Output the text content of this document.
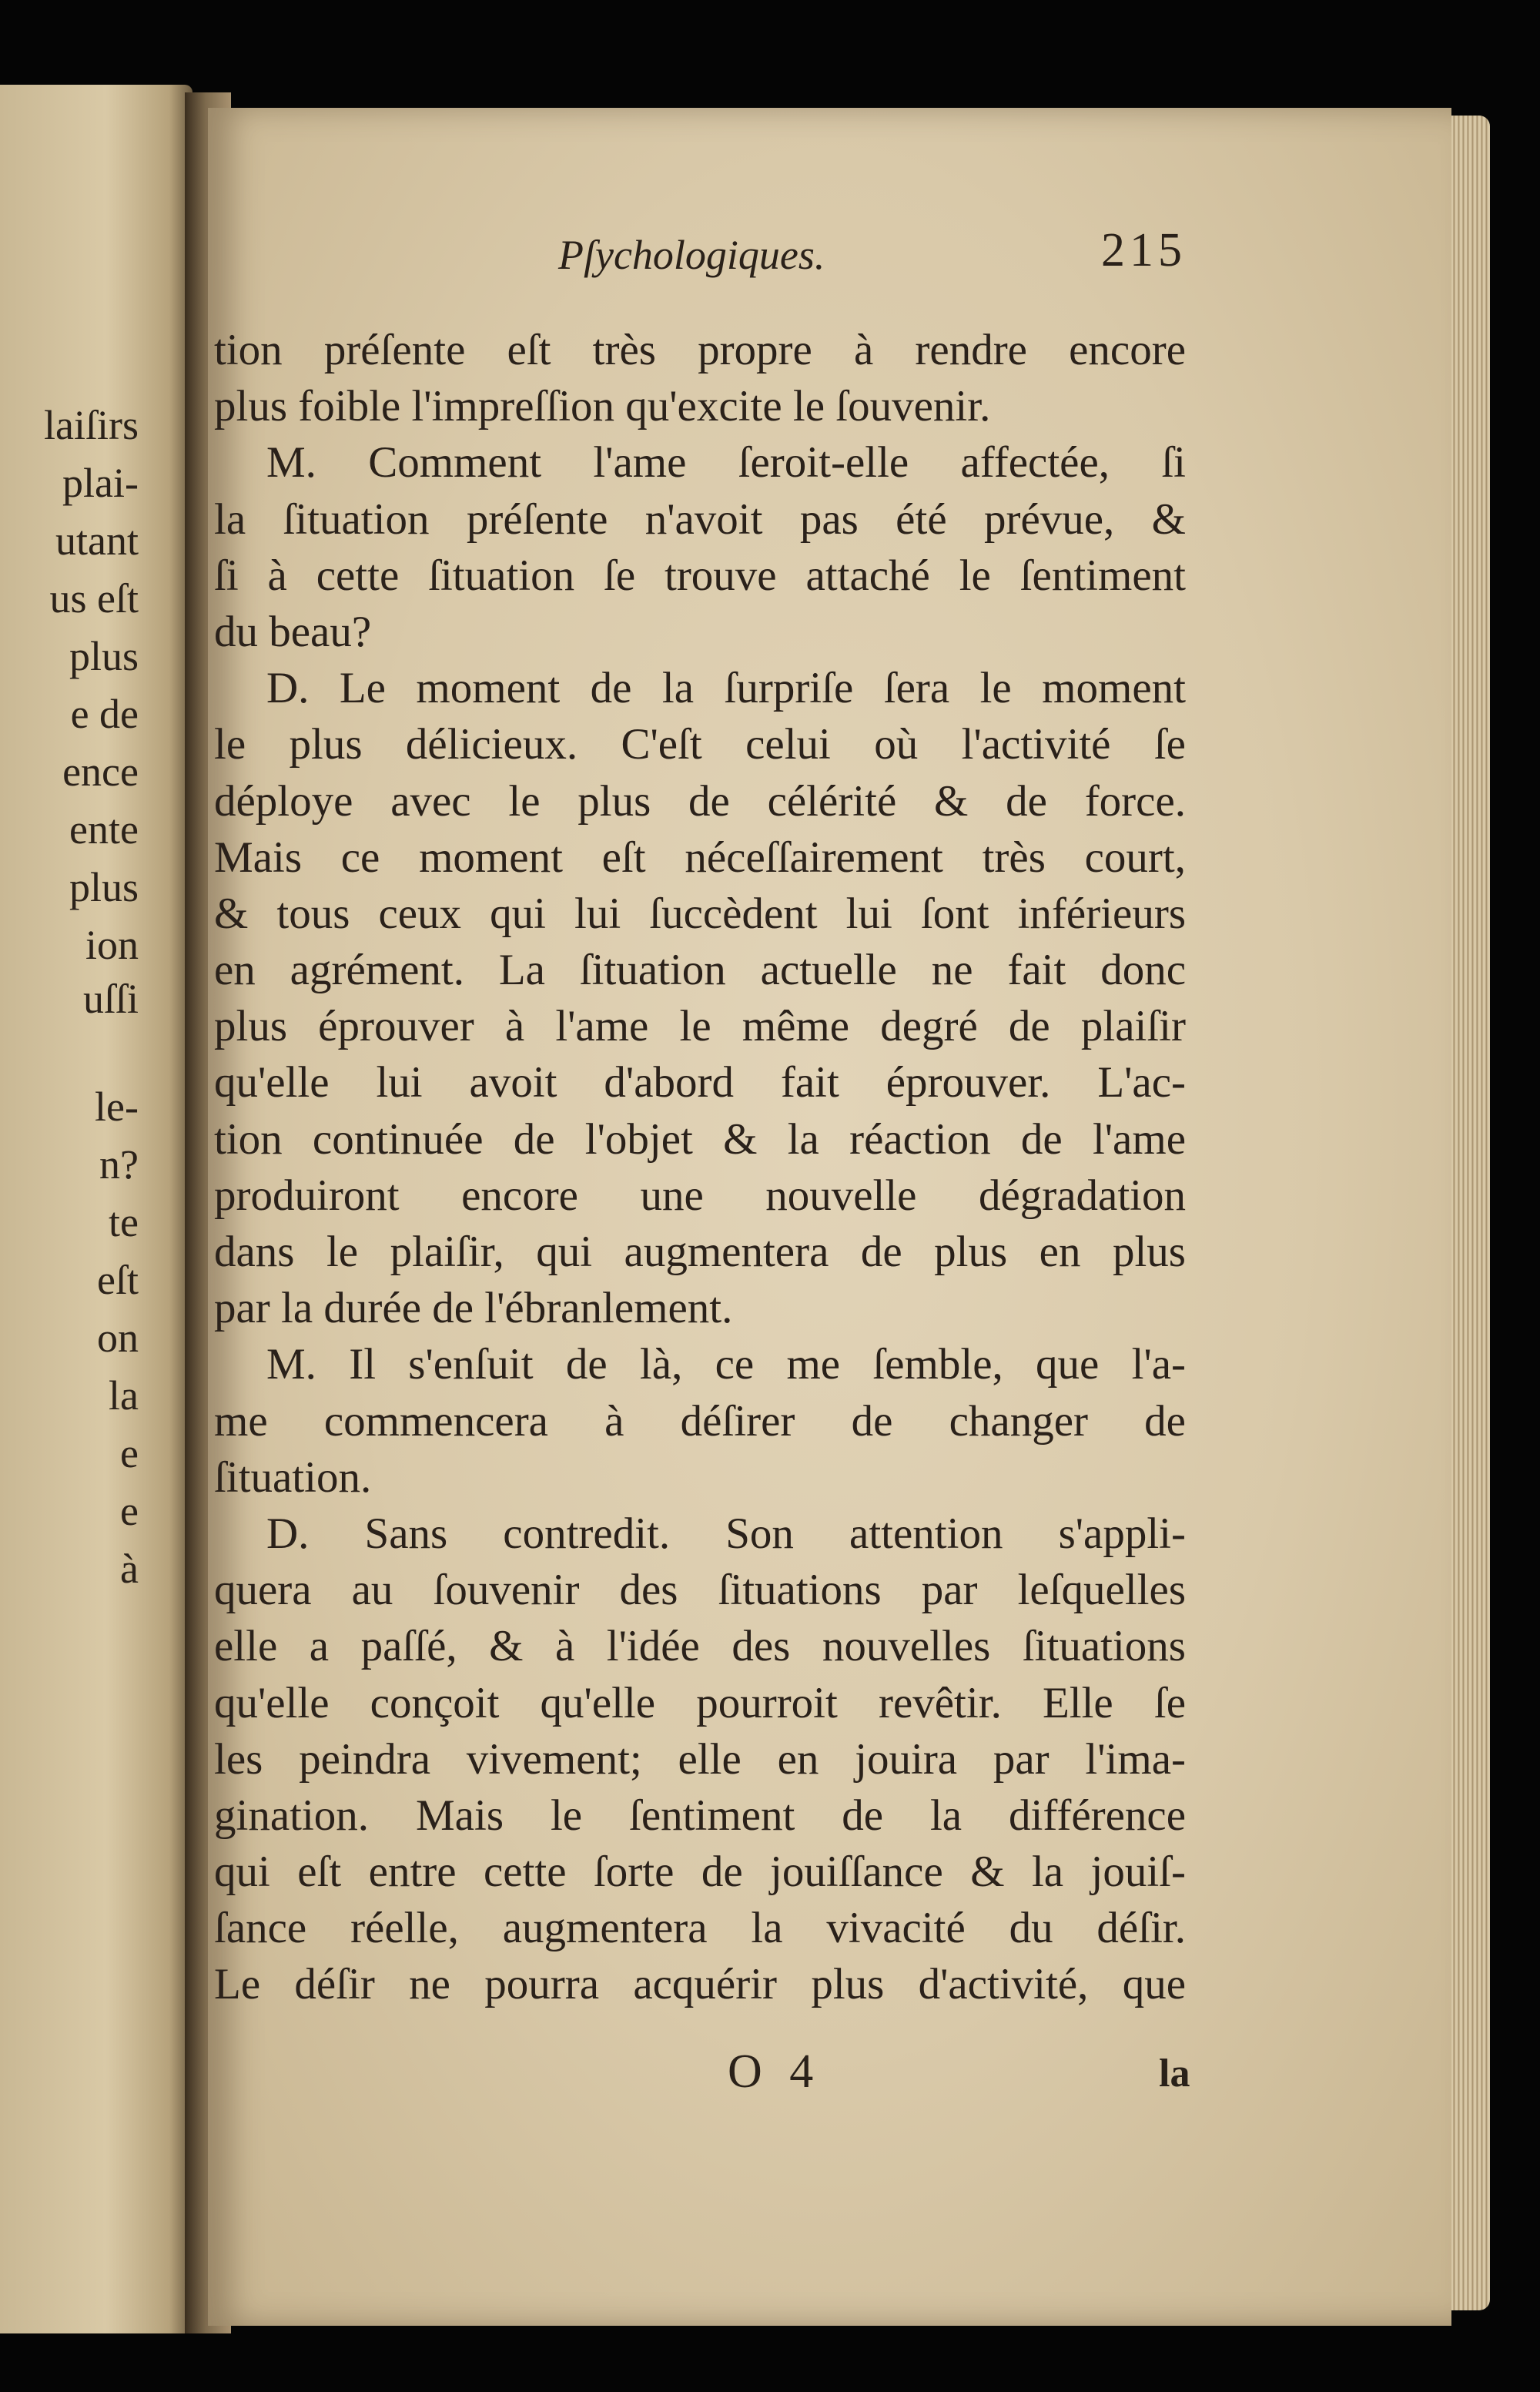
laiſirs
plai-
utant
us eſt
plus
e de
ence
ente
plus
ion
uſſi
le-
n?
te
eſt
on
la
e
e
à
Pſychologiques.	215
tion préſente eſt très propre à rendre encore
plus foible l'impreſſion qu'excite le ſouvenir.
M. Comment l'ame ſeroit-elle affectée, ſi
la ſituation préſente n'avoit pas été prévue, &
ſi à cette ſituation ſe trouve attaché le ſentiment
du beau?
D. Le moment de la ſurpriſe ſera le moment
le plus délicieux. C'eſt celui où l'activité ſe
déploye avec le plus de célérité & de force.
Mais ce moment eſt néceſſairement très court,
& tous ceux qui lui ſuccèdent lui ſont inférieurs
en agrément. La ſituation actuelle ne fait donc
plus éprouver à l'ame le même degré de plaiſir
qu'elle lui avoit d'abord fait éprouver. L'ac-
tion continuée de l'objet & la réaction de l'ame
produiront encore une nouvelle dégradation
dans le plaiſir, qui augmentera de plus en plus
par la durée de l'ébranlement.
M. Il s'enſuit de là, ce me ſemble, que l'a-
me commencera à déſirer de changer de
ſituation.
D. Sans contredit. Son attention s'appli-
quera au ſouvenir des ſituations par leſquelles
elle a paſſé, & à l'idée des nouvelles ſituations
qu'elle conçoit qu'elle pourroit revêtir. Elle ſe
les peindra vivement; elle en jouira par l'ima-
gination. Mais le ſentiment de la différence
qui eſt entre cette ſorte de jouiſſance & la jouiſ-
ſance réelle, augmentera la vivacité du déſir.
Le déſir ne pourra acquérir plus d'activité, que
O 4	la
